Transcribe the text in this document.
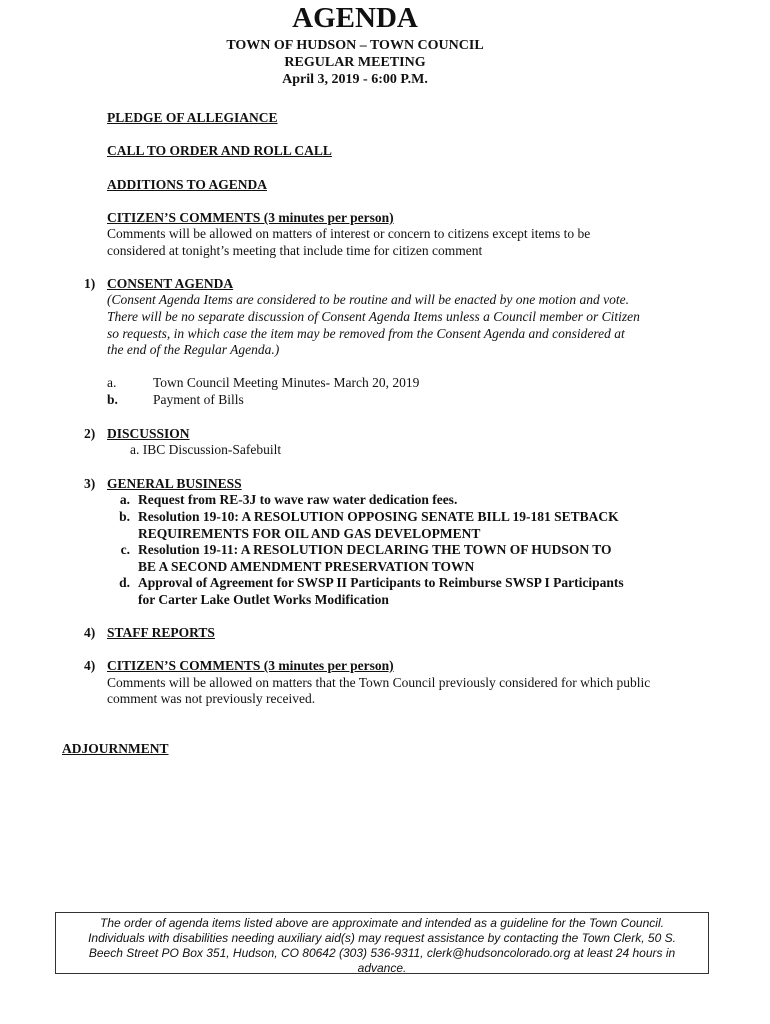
AGENDA
TOWN OF HUDSON – TOWN COUNCIL
REGULAR MEETING
April 3, 2019 - 6:00 P.M.
PLEDGE OF ALLEGIANCE
CALL TO ORDER AND ROLL CALL
ADDITIONS TO AGENDA
CITIZEN’S COMMENTS (3 minutes per person)
Comments will be allowed on matters of interest or concern to citizens except items to be
considered at tonight’s meeting that include time for citizen comment
1) CONSENT AGENDA
(Consent Agenda Items are considered to be routine and will be enacted by one motion and vote.
There will be no separate discussion of Consent Agenda Items unless a Council member or Citizen
so requests, in which case the item may be removed from the Consent Agenda and considered at
the end of the Regular Agenda.)
a.	Town Council Meeting Minutes- March 20, 2019
b.	Payment of Bills
2) DISCUSSION
a. IBC Discussion-Safebuilt
3) GENERAL BUSINESS
a. Request from RE-3J to wave raw water dedication fees.
b. Resolution 19-10: A RESOLUTION OPPOSING SENATE BILL 19-181 SETBACK
REQUIREMENTS FOR OIL AND GAS DEVELOPMENT
c. Resolution 19-11: A RESOLUTION DECLARING THE TOWN OF HUDSON TO
BE A SECOND AMENDMENT PRESERVATION TOWN
d. Approval of Agreement for SWSP II Participants to Reimburse SWSP I Participants
for Carter Lake Outlet Works Modification
4) STAFF REPORTS
4) CITIZEN’S COMMENTS (3 minutes per person)
Comments will be allowed on matters that the Town Council previously considered for which public
comment was not previously received.
ADJOURNMENT
The order of agenda items listed above are approximate and intended as a guideline for the Town Council.
Individuals with disabilities needing auxiliary aid(s) may request assistance by contacting the Town Clerk, 50 S.
Beech Street PO Box 351, Hudson, CO 80642 (303) 536-9311, clerk@hudsoncolorado.org at least 24 hours in
advance.
